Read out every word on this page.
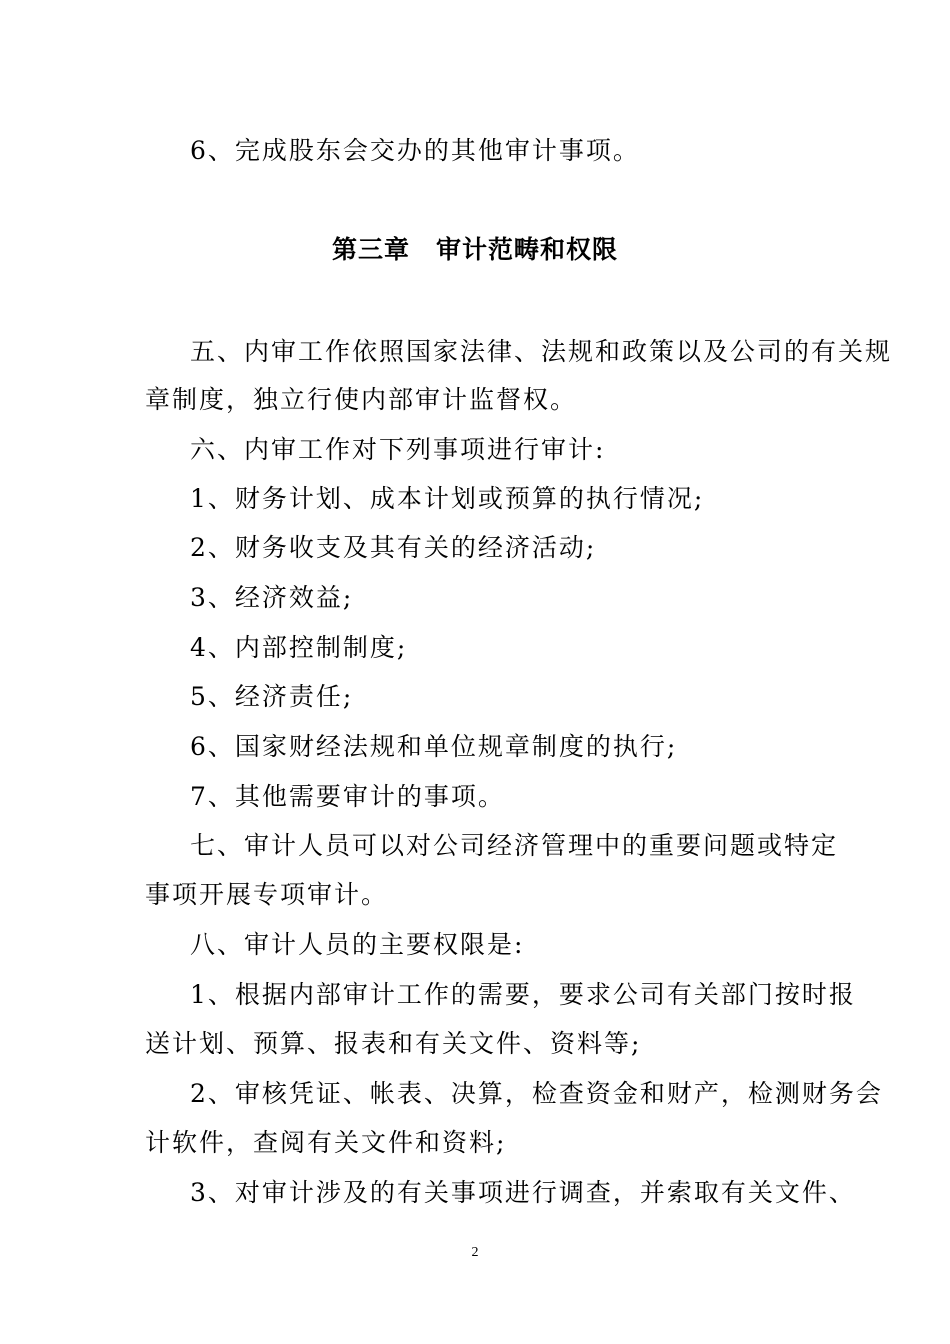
6、完成股东会交办的其他审计事项。
第三章　审计范畴和权限
五、内审工作依照国家法律、法规和政策以及公司的有关规
章制度，独立行使内部审计监督权。
六、内审工作对下列事项进行审计:
1、财务计划、成本计划或预算的执行情况;
2、财务收支及其有关的经济活动;
3、经济效益;
4、内部控制制度;
5、经济责任;
6、国家财经法规和单位规章制度的执行;
7、其他需要审计的事项。
七、审计人员可以对公司经济管理中的重要问题或特定
事项开展专项审计。
八、审计人员的主要权限是:
1、根据内部审计工作的需要，要求公司有关部门按时报
送计划、预算、报表和有关文件、资料等;
2、审核凭证、帐表、决算，检查资金和财产，检测财务会
计软件，查阅有关文件和资料;
3、对审计涉及的有关事项进行调查，并索取有关文件、
2
